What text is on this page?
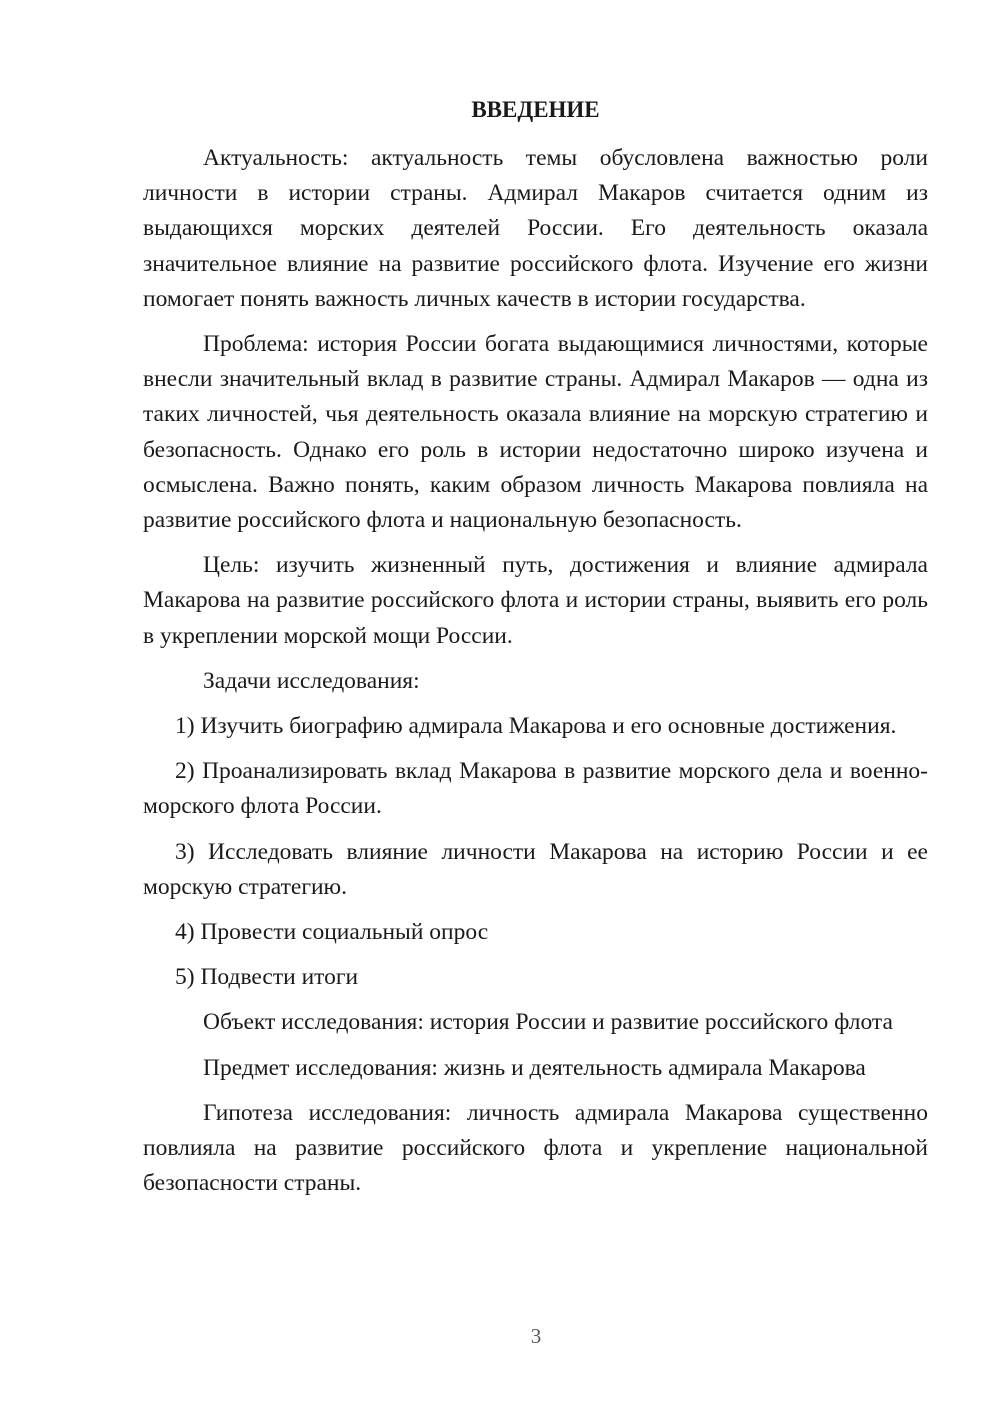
ВВЕДЕНИЕ

Актуальность: актуальность темы обусловлена важностью роли личности в истории страны. Адмирал Макаров считается одним из выдающихся морских деятелей России. Его деятельность оказала значительное влияние на развитие российского флота. Изучение его жизни помогает понять важность личных качеств в истории государства.

Проблема: история России богата выдающимися личностями, которые внесли значительный вклад в развитие страны. Адмирал Макаров — одна из таких личностей, чья деятельность оказала влияние на морскую стратегию и безопасность. Однако его роль в истории недостаточно широко изучена и осмыслена. Важно понять, каким образом личность Макарова повлияла на развитие российского флота и национальную безопасность.

Цель: изучить жизненный путь, достижения и влияние адмирала Макарова на развитие российского флота и истории страны, выявить его роль в укреплении морской мощи России.

Задачи исследования:

1) Изучить биографию адмирала Макарова и его основные достижения.

2) Проанализировать вклад Макарова в развитие морского дела и военно-морского флота России.

3) Исследовать влияние личности Макарова на историю России и ее морскую стратегию.

4) Провести социальный опрос

5) Подвести итоги

Объект исследования: история России и развитие российского флота

Предмет исследования: жизнь и деятельность адмирала Макарова

Гипотеза исследования: личность адмирала Макарова существенно повлияла на развитие российского флота и укрепление национальной безопасности страны.

3
